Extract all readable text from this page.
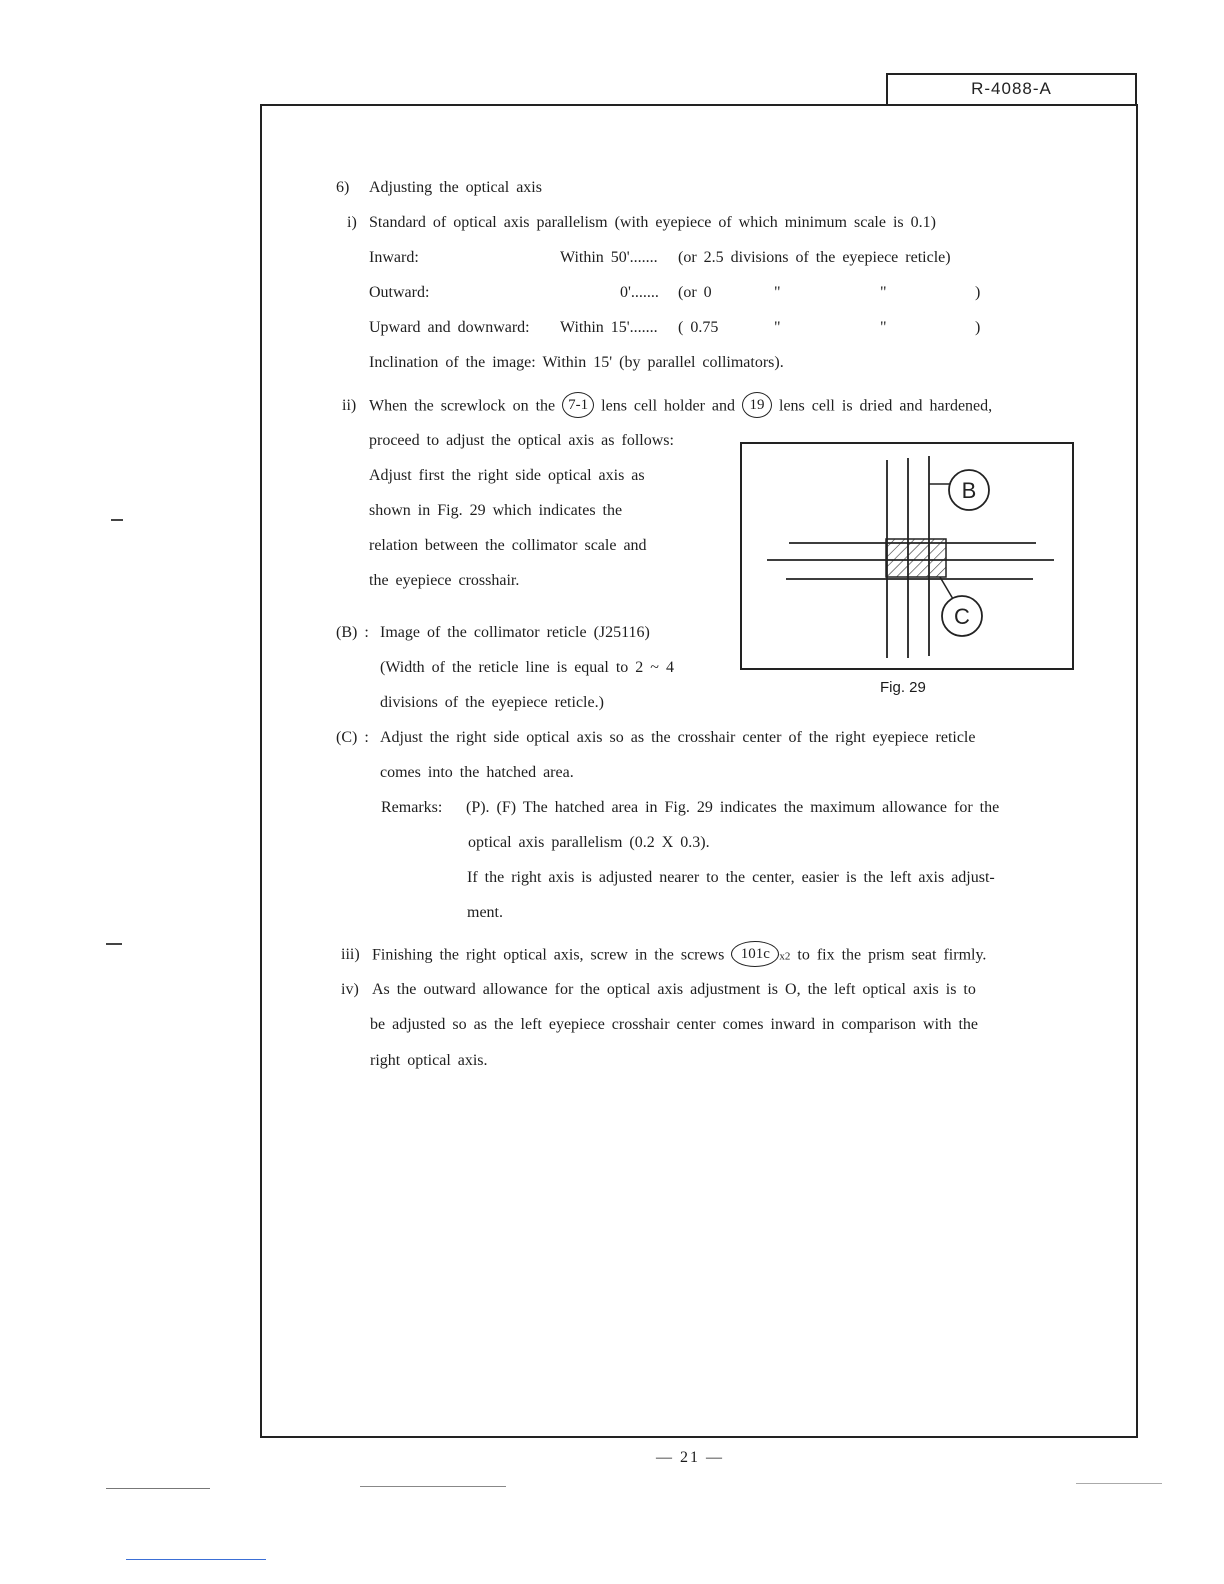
R-4088-A
6) Adjusting the optical axis
i) Standard of optical axis parallelism (with eyepiece of which minimum scale is 0.1)
Inward:	Within 50'....... (or 2.5 divisions of the eyepiece reticle)
Outward:	0'....... (or 0	"	"	)
Upward and downward: Within 15'....... ( 0.75	"	"	)
Inclination of the image: Within 15' (by parallel collimators).
ii) When the screwlock on the 7-1 lens cell holder and 19 lens cell is dried and hardened,
proceed to adjust the optical axis as follows:
Adjust first the right side optical axis as
shown in Fig. 29 which indicates the
relation between the collimator scale and
the eyepiece crosshair.
(B) : Image of the collimator reticle (J25116)
(Width of the reticle line is equal to 2 ~ 4
divisions of the eyepiece reticle.)
B
C
Fig. 29
(C) : Adjust the right side optical axis so as the crosshair center of the right eyepiece reticle
comes into the hatched area.
Remarks: (P). (F) The hatched area in Fig. 29 indicates the maximum allowance for the
optical axis parallelism (0.2 X 0.3).
If the right axis is adjusted nearer to the center, easier is the left axis adjust-
ment.
iii) Finishing the right optical axis, screw in the screws 101c x2 to fix the prism seat firmly.
iv) As the outward allowance for the optical axis adjustment is O, the left optical axis is to
be adjusted so as the left eyepiece crosshair center comes inward in comparison with the
right optical axis.
— 21 —
